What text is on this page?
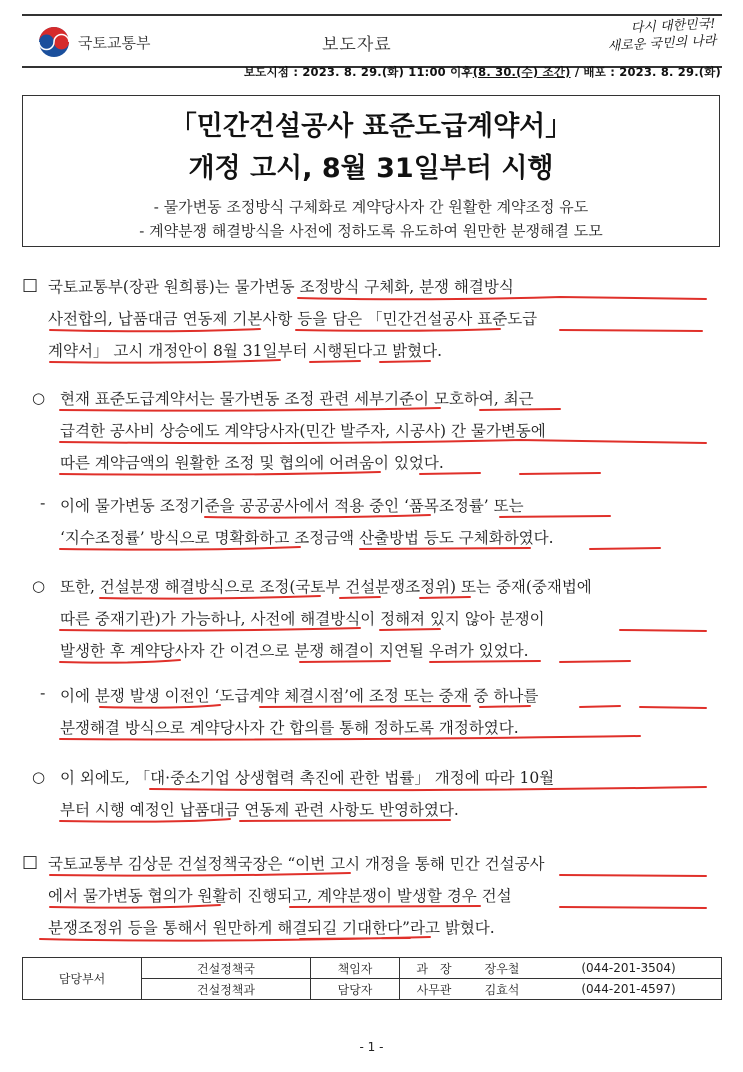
국토교통부	보도자료
다시 대한민국!
새로운 국민의 나라
보도시점 : 2023. 8. 29.(화) 11:00 이후(8. 30.(수) 조간) / 배포 : 2023. 8. 29.(화)
「민간건설공사 표준도급계약서」
개정 고시, 8월 31일부터 시행
- 물가변동 조정방식 구체화로 계약당사자 간 원활한 계약조정 유도
- 계약분쟁 해결방식을 사전에 정하도록 유도하여 원만한 분쟁해결 도모
□ 국토교통부(장관 원희룡)는 물가변동 조정방식 구체화, 분쟁 해결방식
사전합의, 납품대금 연동제 기본사항 등을 담은 「민간건설공사 표준도급
계약서」 고시 개정안이 8월 31일부터 시행된다고 밝혔다.
○ 현재 표준도급계약서는 물가변동 조정 관련 세부기준이 모호하여, 최근
급격한 공사비 상승에도 계약당사자(민간 발주자, 시공사) 간 물가변동에
따른 계약금액의 원활한 조정 및 협의에 어려움이 있었다.
- 이에 물가변동 조정기준을 공공공사에서 적용 중인 ‘품목조정률’ 또는
‘지수조정률’ 방식으로 명확화하고 조정금액 산출방법 등도 구체화하였다.
○ 또한, 건설분쟁 해결방식으로 조정(국토부 건설분쟁조정위) 또는 중재(중재법에
따른 중재기관)가 가능하나, 사전에 해결방식이 정해져 있지 않아 분쟁이
발생한 후 계약당사자 간 이견으로 분쟁 해결이 지연될 우려가 있었다.
- 이에 분쟁 발생 이전인 ‘도급계약 체결시점’에 조정 또는 중재 중 하나를
분쟁해결 방식으로 계약당사자 간 합의를 통해 정하도록 개정하였다.
○ 이 외에도, 「대·중소기업 상생협력 촉진에 관한 법률」 개정에 따라 10월
부터 시행 예정인 납품대금 연동제 관련 사항도 반영하였다.
□ 국토교통부 김상문 건설정책국장은 “이번 고시 개정을 통해 민간 건설공사
에서 물가변동 협의가 원활히 진행되고, 계약분쟁이 발생할 경우 건설
분쟁조정위 등을 통해서 원만하게 해결되길 기대한다”라고 밝혔다.
담당부서	건설정책국	책임자	과　장	장우철	(044-201-3504)
	건설정책과	담당자	사무관	김효석	(044-201-4597)
- 1 -
